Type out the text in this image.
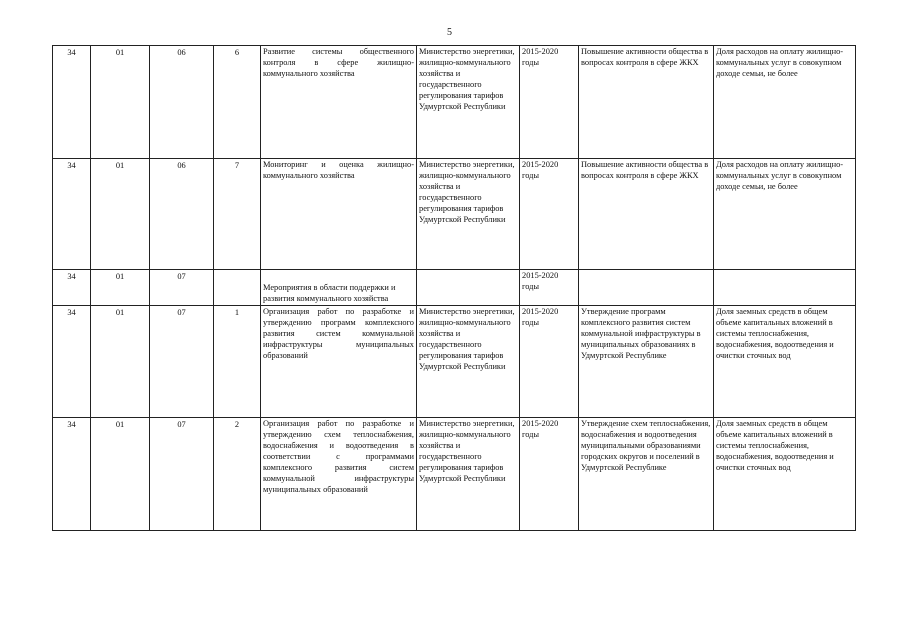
5
34	01	06	6	Развитие системы общественного контроля в сфере жилищно-коммунального хозяйства	Министерство энергетики, жилищно-коммунального хозяйства и государственного регулирования тарифов Удмуртской Республики	2015-2020 годы	Повышение активности общества в вопросах контроля в сфере ЖКХ	Доля расходов на оплату жилищно-коммунальных услуг в совокупном доходе семьи, не более
34	01	06	7	Мониторинг и оценка жилищно-коммунального хозяйства	Министерство энергетики, жилищно-коммунального хозяйства и государственного регулирования тарифов Удмуртской Республики	2015-2020 годы	Повышение активности общества в вопросах контроля в сфере ЖКХ	Доля расходов на оплату жилищно-коммунальных услуг в совокупном доходе семьи, не более
34	01	07		Мероприятия в области поддержки и развития коммунального хозяйства		2015-2020 годы		
34	01	07	1	Организация работ по разработке и утверждению программ комплексного развития систем коммунальной инфраструктуры муниципальных образований	Министерство энергетики, жилищно-коммунального хозяйства и государственного регулирования тарифов Удмуртской Республики	2015-2020 годы	Утверждение программ комплексного развития систем коммунальной инфраструктуры в муниципальных образованиях в Удмуртской Республике	Доля заемных средств в общем объеме капитальных вложений в системы теплоснабжения, водоснабжения, водоотведения и очистки сточных вод
34	01	07	2	Организация работ по разработке и утверждению схем теплоснабжения, водоснабжения и водоотведения в соответствии с программами комплексного развития систем коммунальной инфраструктуры муниципальных образований	Министерство энергетики, жилищно-коммунального хозяйства и государственного регулирования тарифов Удмуртской Республики	2015-2020 годы	Утверждение схем теплоснабжения, водоснабжения и водоотведения муниципальными образованиями городских округов и поселений в Удмуртской Республике	Доля заемных средств в общем объеме капитальных вложений в системы теплоснабжения, водоснабжения, водоотведения и очистки сточных вод
